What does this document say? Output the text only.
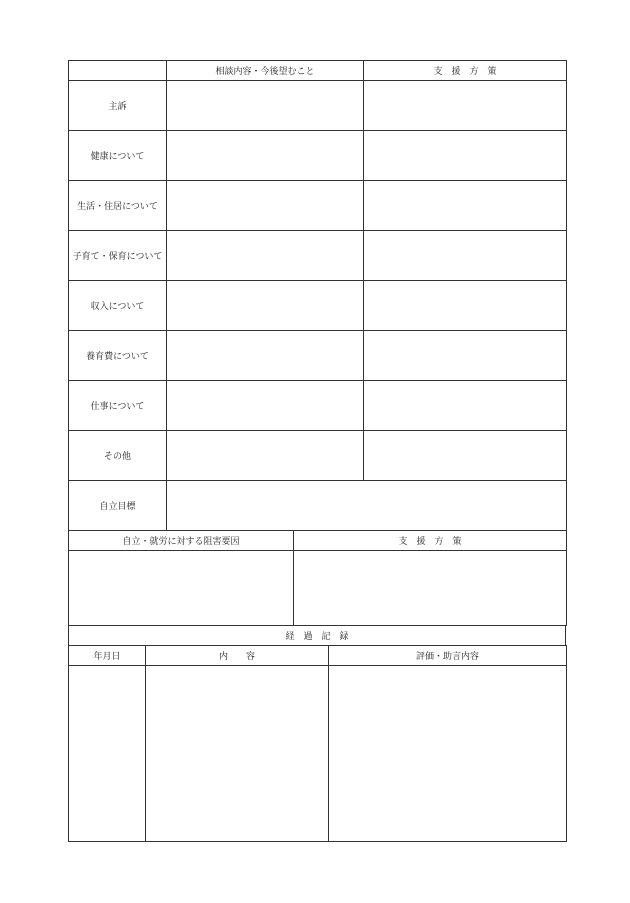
	相談内容・今後望むこと	支　援　方　策
主訴		
健康について		
生活・住居について		
子育て・保育について		
収入について		
養育費について		
仕事について		
その他		
自立目標		
自立・就労に対する阻害要因	支　援　方　策

経　過　記　録
年月日	内　　容	評価・助言内容
